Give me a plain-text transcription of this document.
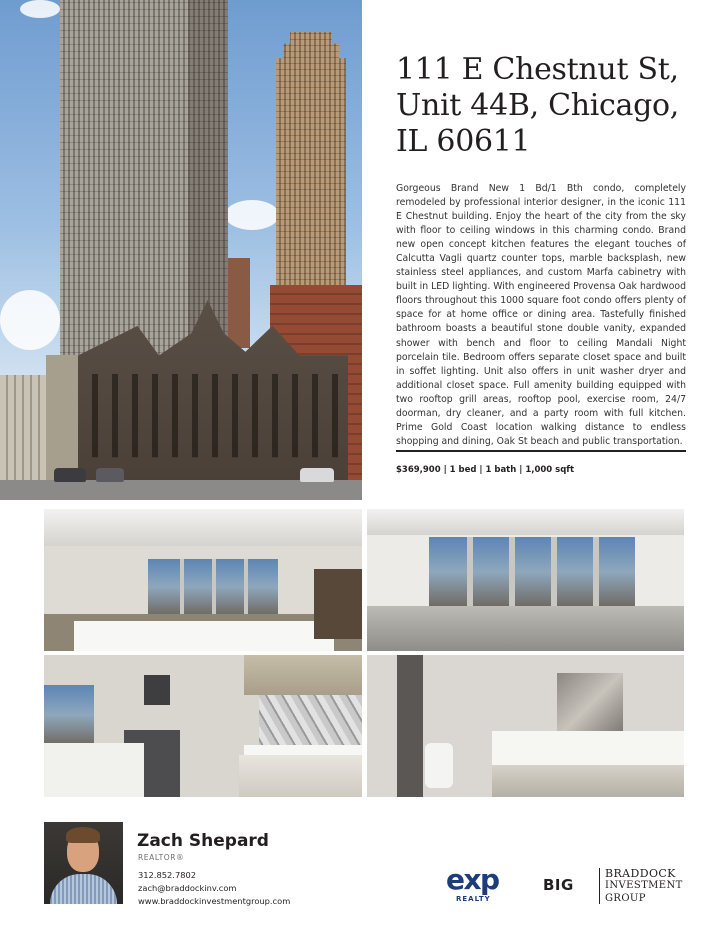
111 E Chestnut St,
Unit 44B, Chicago,
IL 60611

Gorgeous Brand New 1 Bd/1 Bth condo, completely remodeled by professional interior designer, in the iconic 111 E Chestnut building. Enjoy the heart of the city from the sky with floor to ceiling windows in this charming condo. Brand new open concept kitchen features the elegant touches of Calcutta Vagli quartz counter tops, marble backsplash, new stainless steel appliances, and custom Marfa cabinetry with built in LED lighting. With engineered Provensa Oak hardwood floors throughout this 1000 square foot condo offers plenty of space for at home office or dining area. Tastefully finished bathroom boasts a beautiful stone double vanity, expanded shower with bench and floor to ceiling Mandali Night porcelain tile. Bedroom offers separate closet space and built in soffet lighting. Unit also offers in unit washer dryer and additional closet space. Full amenity building equipped with two rooftop grill areas, rooftop pool, exercise room, 24/7 doorman, dry cleaner, and a party room with full kitchen. Prime Gold Coast location walking distance to endless shopping and dining, Oak St beach and public transportation.

$369,900 | 1 bed | 1 bath | 1,000 sqft
Zach Shepard
REALTOR®
312.852.7802
zach@braddockinv.com
www.braddockinvestmentgroup.com
exp
REALTY
BIG
BRADDOCK
INVESTMENT
GROUP
